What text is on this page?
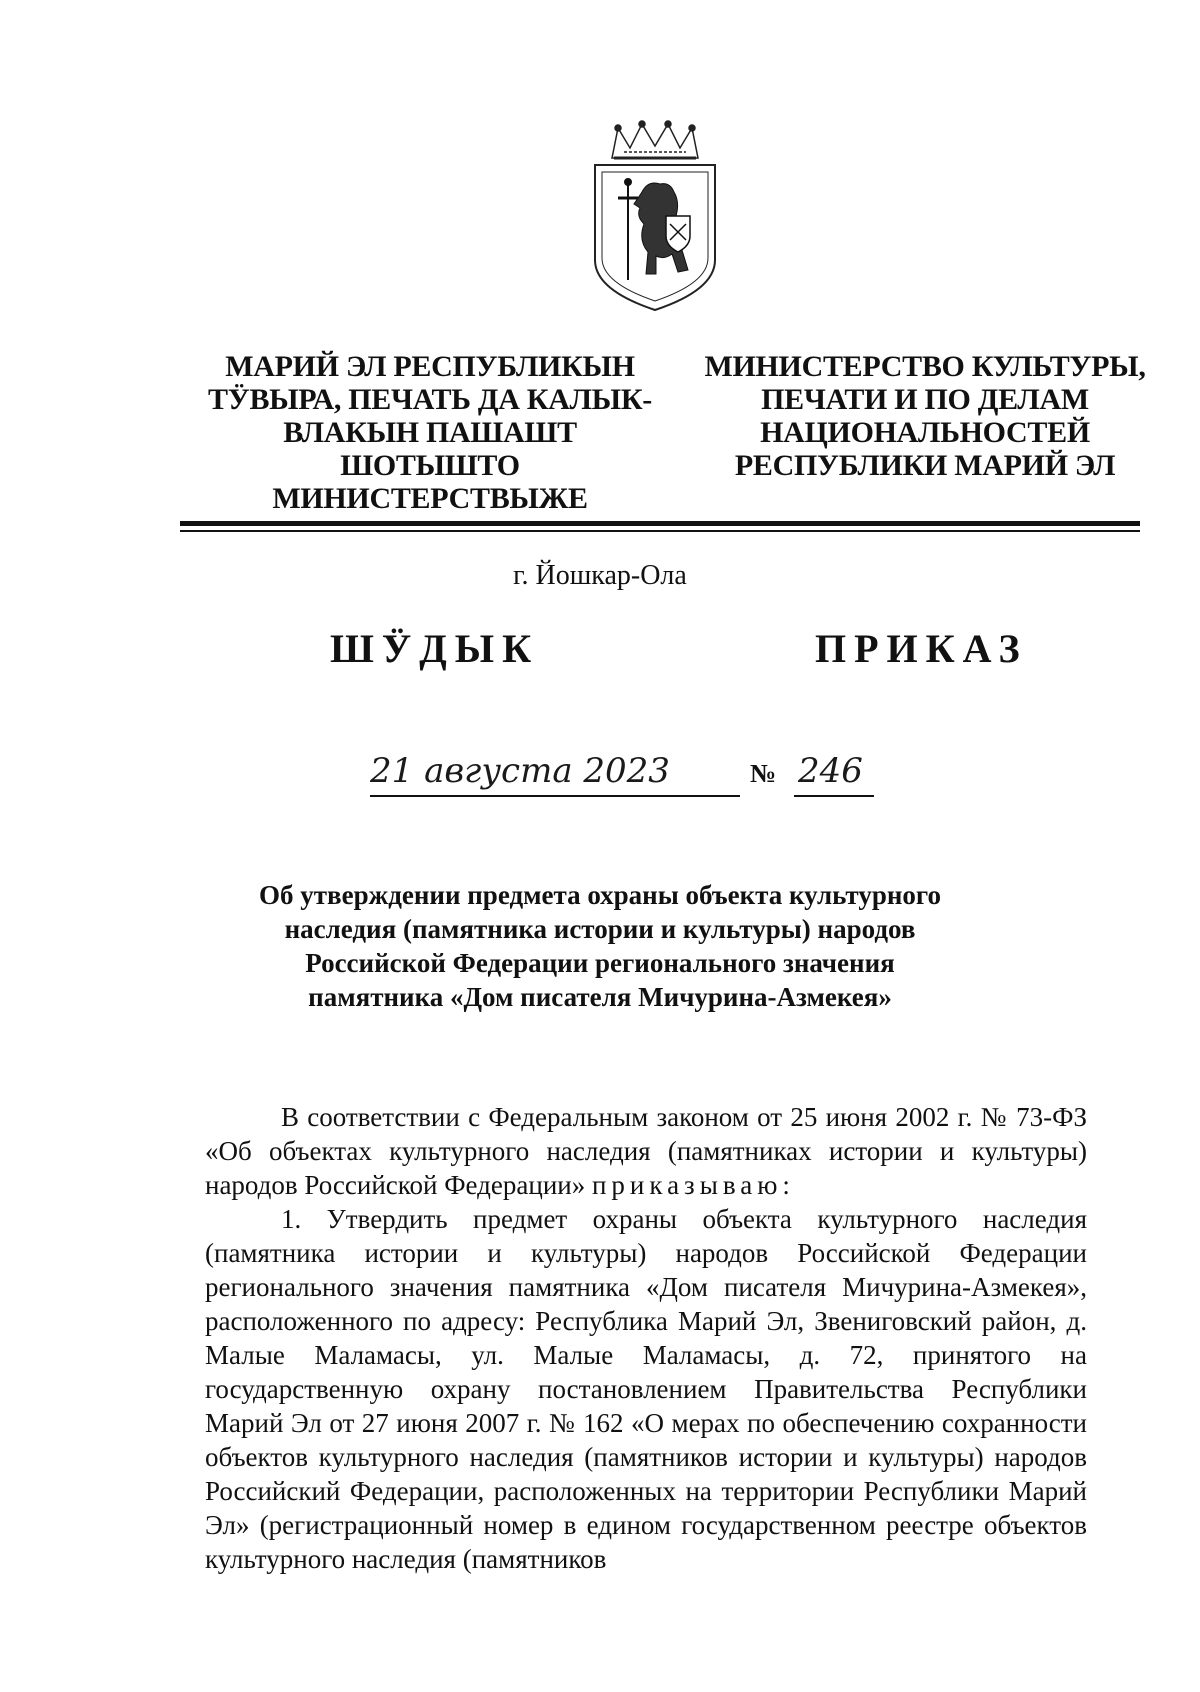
МАРИЙ ЭЛ РЕСПУБЛИКЫН
ТӰВЫРА, ПЕЧАТЬ ДА КАЛЫК-
ВЛАКЫН ПАШАШТ ШОТЫШТО
МИНИСТЕРСТВЫЖЕ
МИНИСТЕРСТВО КУЛЬТУРЫ,
ПЕЧАТИ И ПО ДЕЛАМ
НАЦИОНАЛЬНОСТЕЙ
РЕСПУБЛИКИ МАРИЙ ЭЛ
г. Йошкар-Ола
ШӰДЫК	ПРИКАЗ
21 августа 2023	№ 246
Об утверждении предмета охраны объекта культурного
наследия (памятника истории и культуры) народов
Российской Федерации регионального значения
памятника «Дом писателя Мичурина-Азмекея»

В соответствии с Федеральным законом от 25 июня 2002 г. № 73-ФЗ «Об объектах культурного наследия (памятниках истории и культуры) народов Российской Федерации» приказываю:

1. Утвердить предмет охраны объекта культурного наследия (памятника истории и культуры) народов Российской Федерации регионального значения памятника «Дом писателя Мичурина-Азмекея», расположенного по адресу: Республика Марий Эл, Звениговский район, д. Малые Маламасы, ул. Малые Маламасы, д. 72, принятого на государственную охрану постановлением Правительства Республики Марий Эл от 27 июня 2007 г. № 162 «О мерах по обеспечению сохранности объектов культурного наследия (памятников истории и культуры) народов Российский Федерации, расположенных на территории Республики Марий Эл» (регистрационный номер в едином государственном реестре объектов культурного наследия (памятников
